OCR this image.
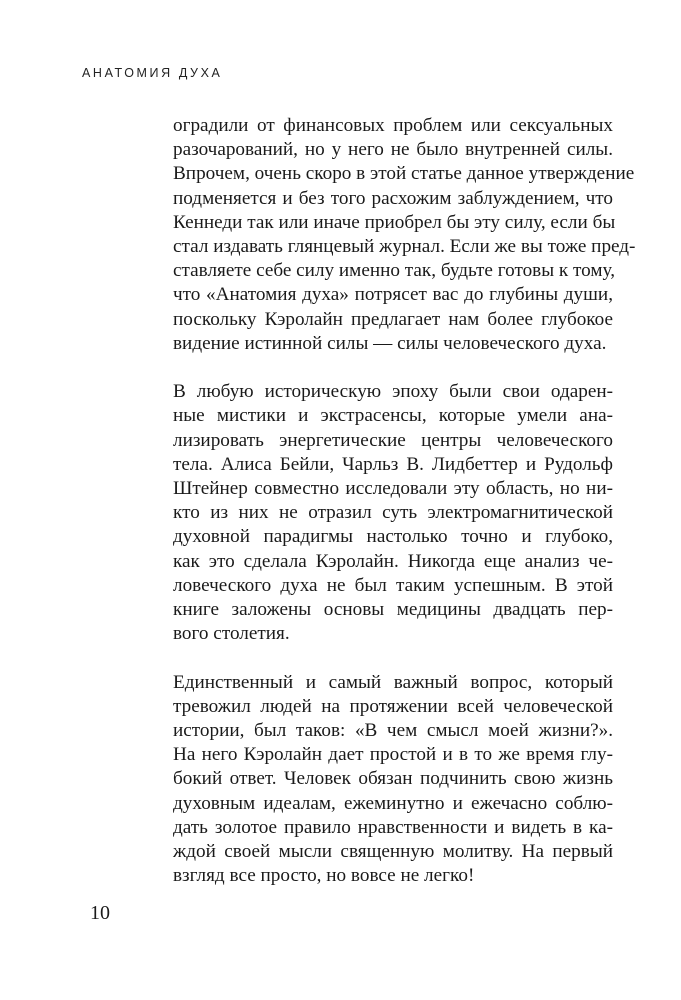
АНАТОМИЯ ДУХА

оградили от финансовых проблем или сексуальных
разочарований, но у него не было внутренней силы.
Впрочем, очень скоро в этой статье данное утверждение
подменяется и без того расхожим заблуждением, что
Кеннеди так или иначе приобрел бы эту силу, если бы
стал издавать глянцевый журнал. Если же вы тоже пред-
ставляете себе силу именно так, будьте готовы к тому,
что «Анатомия духа» потрясет вас до глубины души,
поскольку Кэролайн предлагает нам более глубокое
видение истинной силы — силы человеческого духа.

В любую историческую эпоху были свои одарен-
ные мистики и экстрасенсы, которые умели ана-
лизировать энергетические центры человеческого
тела. Алиса Бейли, Чарльз В. Лидбеттер и Рудольф
Штейнер совместно исследовали эту область, но ни-
кто из них не отразил суть электромагнитической
духовной парадигмы настолько точно и глубоко,
как это сделала Кэролайн. Никогда еще анализ че-
ловеческого духа не был таким успешным. В этой
книге заложены основы медицины двадцать пер-
вого столетия.

Единственный и самый важный вопрос, который
тревожил людей на протяжении всей человеческой
истории, был таков: «В чем смысл моей жизни?».
На него Кэролайн дает простой и в то же время глу-
бокий ответ. Человек обязан подчинить свою жизнь
духовным идеалам, ежеминутно и ежечасно соблю-
дать золотое правило нравственности и видеть в ка-
ждой своей мысли священную молитву. На первый
взгляд все просто, но вовсе не легко!

10
